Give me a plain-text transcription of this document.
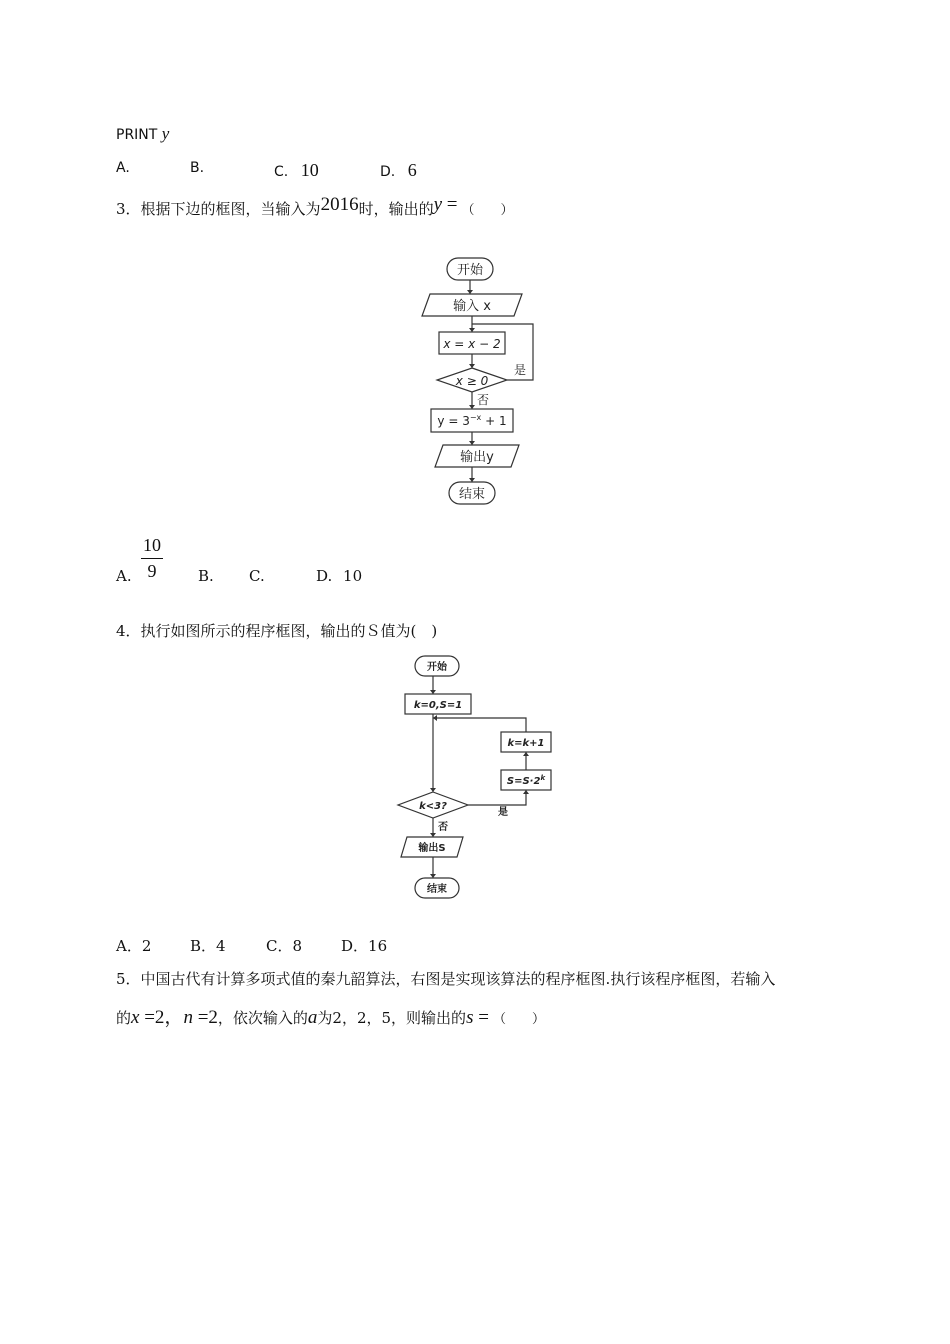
PRINT y
A.	B.	C. 10	D. 6
3．根据下边的框图，当输入为2016时，输出的y = （　　）
开始
输入 x
x = x − 2
x ≥ 0
是
否
$y = 3^{-x} + 1$
输出y
结束
A.
10
9	B. C.	D. 10
4．执行如图所示的程序框图，输出的Ｓ值为(　)
开始
k=0,S=1
k=k+1
$S=S\cdot 2^k$
k<3?
是
否
输出S
结束
A．2	B．4	C．8	D．16
5．中国古代有计算多项式值的秦九韶算法，右图是实现该算法的程序框图.执行该程序框图，若输入
的x =2，n =2，依次输入的a为2，2，5，则输出的s = （　　）
